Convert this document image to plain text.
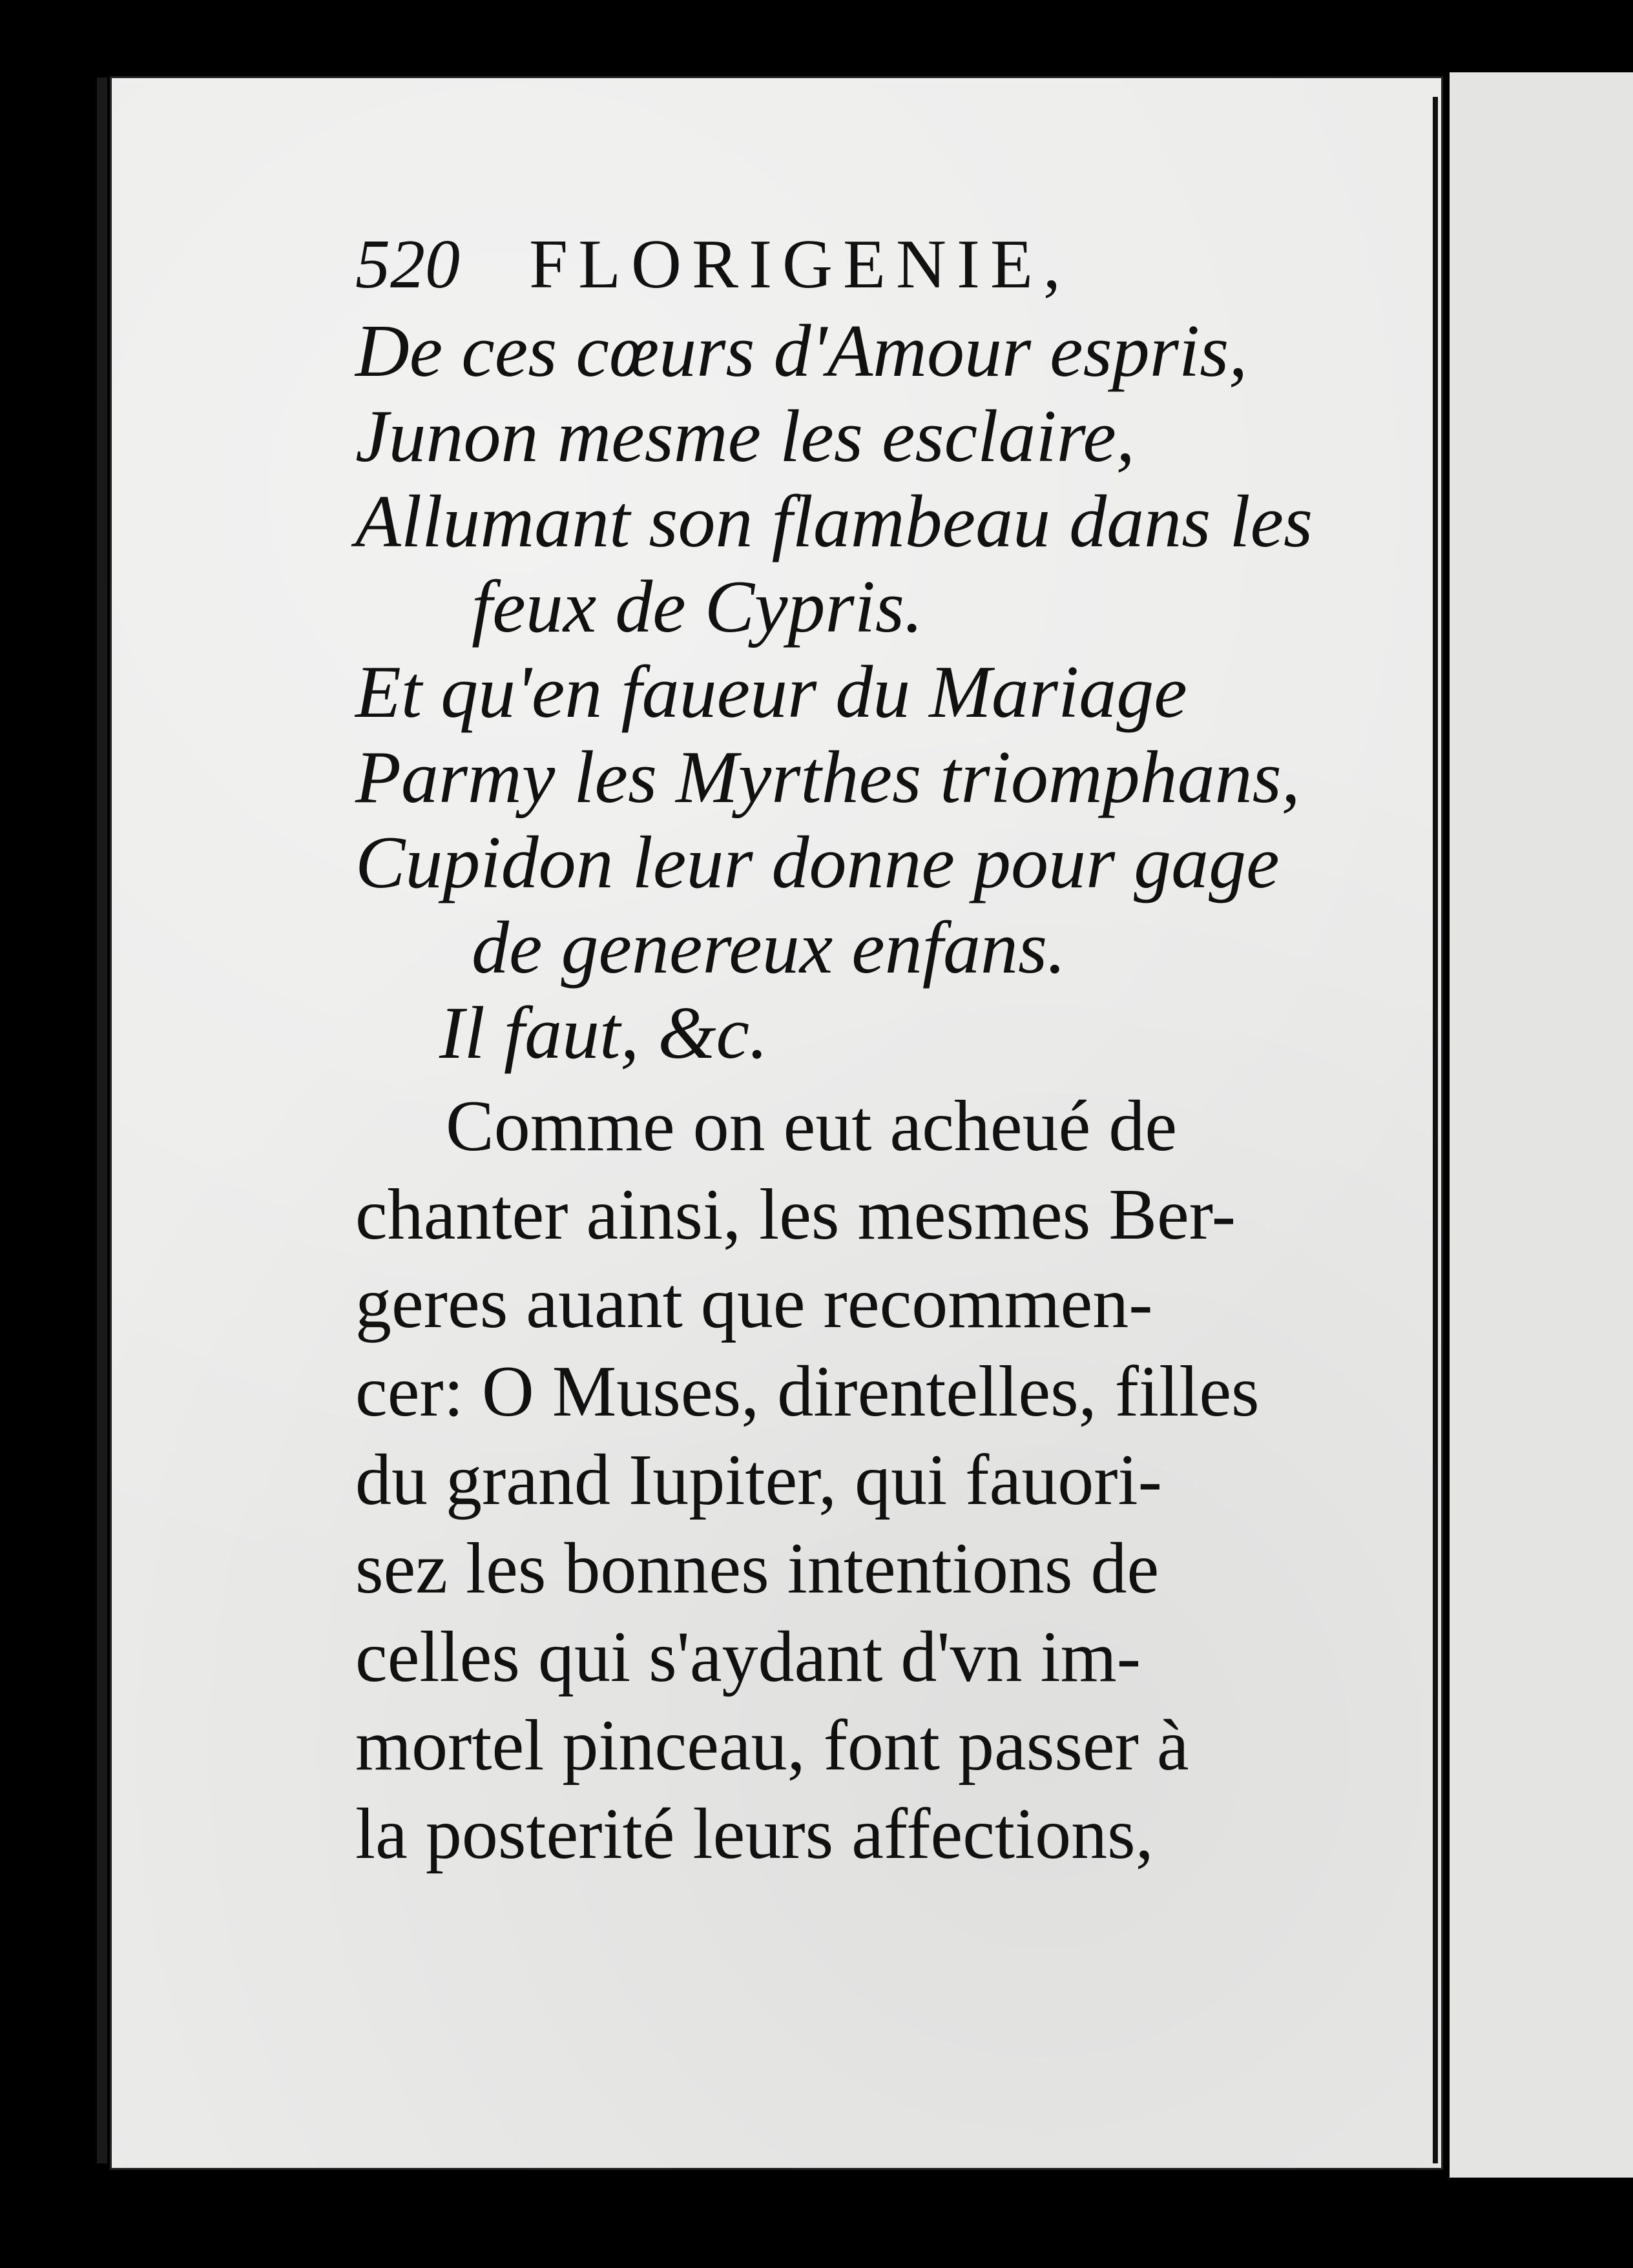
520 FLORIGENIE,
De ces cœurs d'Amour espris,
Junon mesme les esclaire,
Allumant son flambeau dans les
feux de Cypris.
Et qu'en faueur du Mariage
Parmy les Myrthes triomphans,
Cupidon leur donne pour gage
de genereux enfans.
Il faut, &c.
Comme on eut acheué de
chanter ainsi, les mesmes Ber-
geres auant que recommen-
cer: O Muses, direntelles, filles
du grand Iupiter, qui fauori-
sez les bonnes intentions de
celles qui s'aydant d'vn im-
mortel pinceau, font passer à
la posterité leurs affections,
